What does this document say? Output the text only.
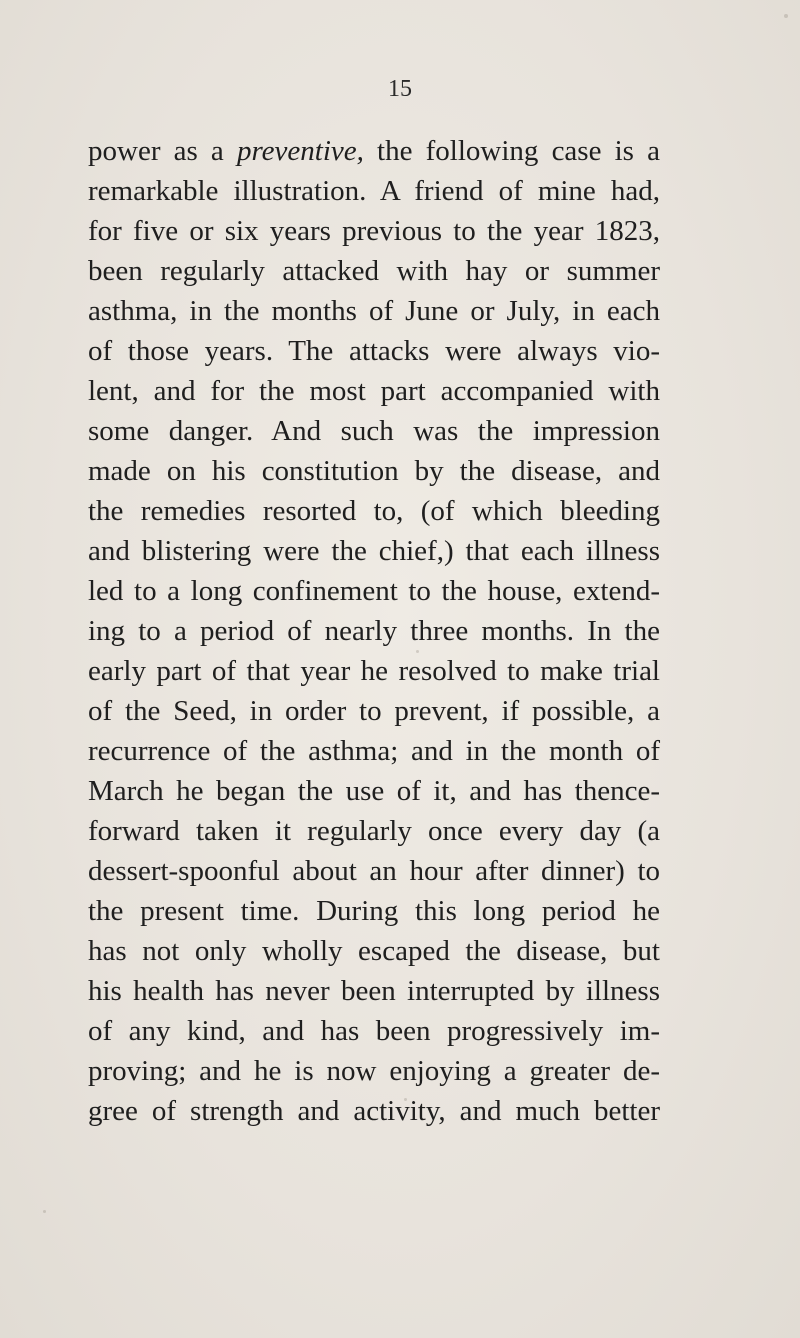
15
power as a preventive, the following case is a
remarkable illustration. A friend of mine had,
for five or six years previous to the year 1823,
been regularly attacked with hay or summer
asthma, in the months of June or July, in each
of those years. The attacks were always vio-
lent, and for the most part accompanied with
some danger. And such was the impression
made on his constitution by the disease, and
the remedies resorted to, (of which bleeding
and blistering were the chief,) that each illness
led to a long confinement to the house, extend-
ing to a period of nearly three months. In the
early part of that year he resolved to make trial
of the Seed, in order to prevent, if possible, a
recurrence of the asthma; and in the month of
March he began the use of it, and has thence-
forward taken it regularly once every day (a
dessert-spoonful about an hour after dinner) to
the present time. During this long period he
has not only wholly escaped the disease, but
his health has never been interrupted by illness
of any kind, and has been progressively im-
proving; and he is now enjoying a greater de-
gree of strength and activity, and much better
